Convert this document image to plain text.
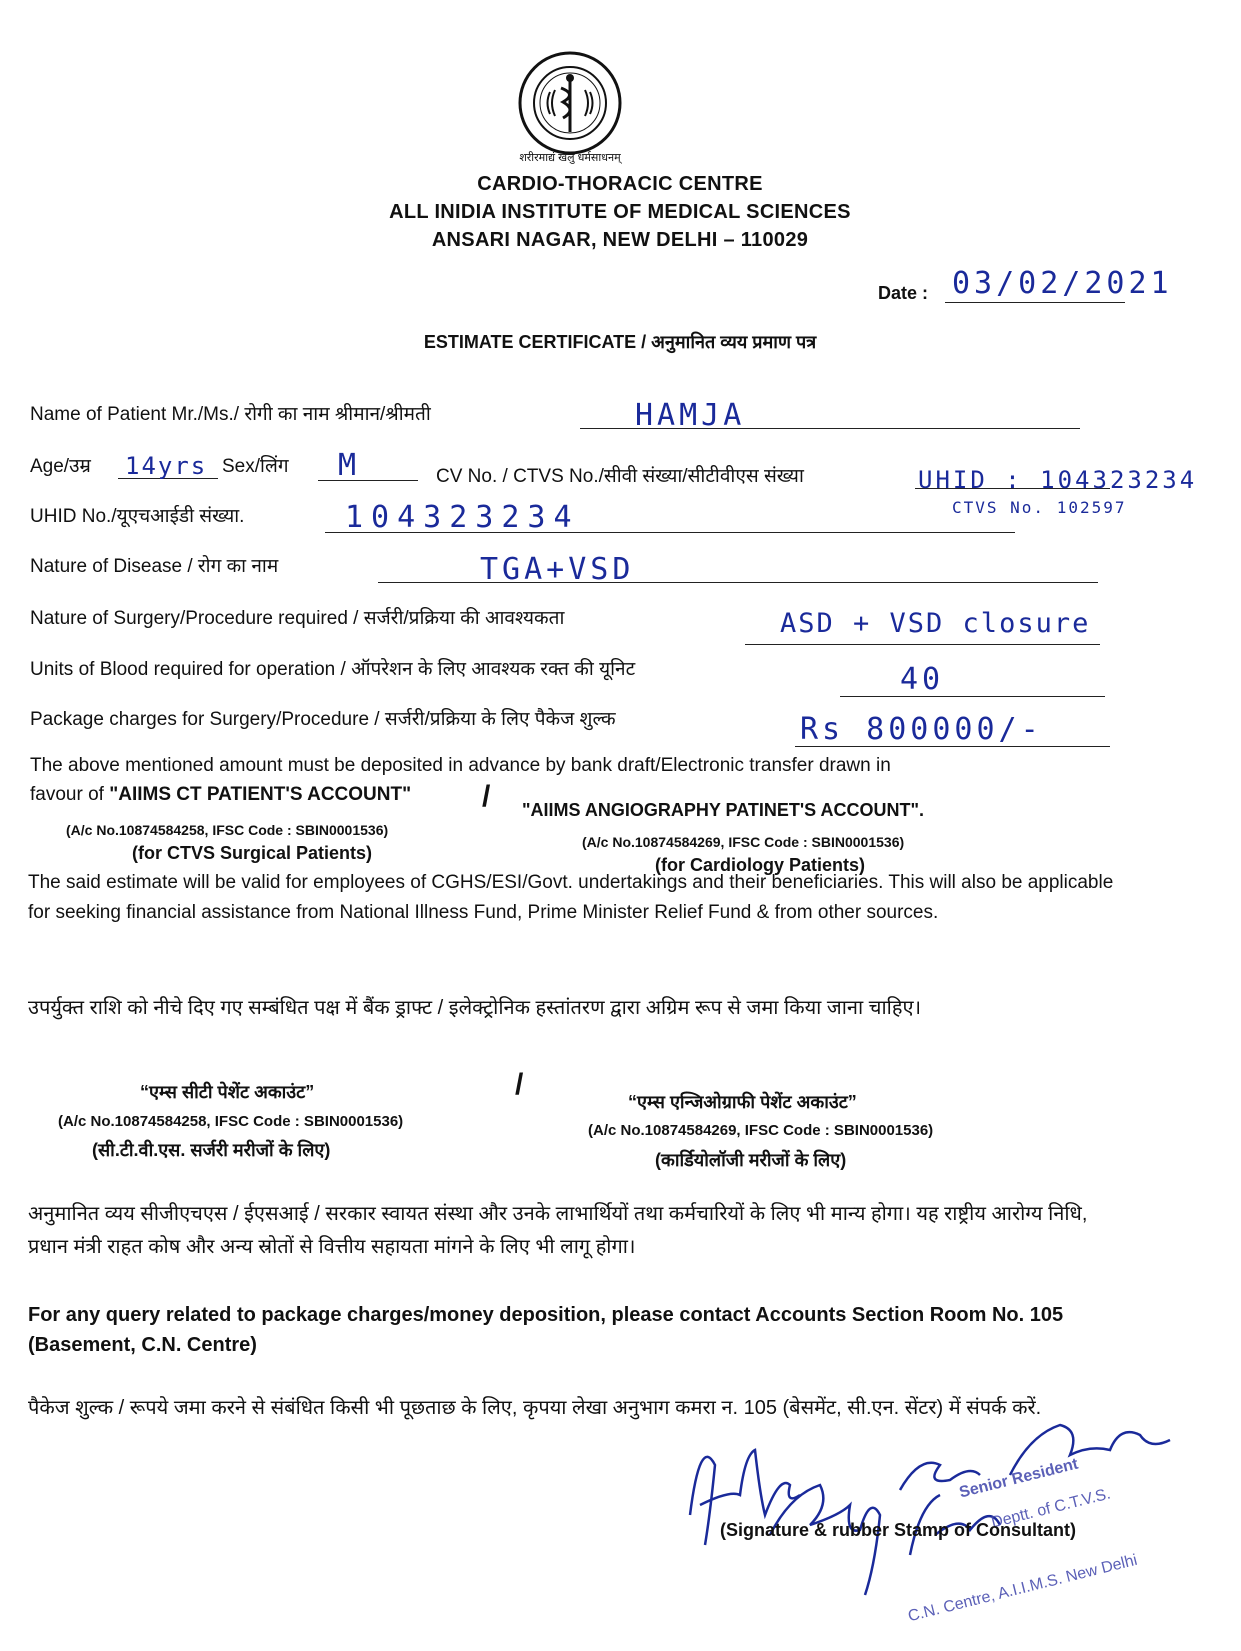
शरीरमाद्यं खलु धर्मसाधनम्
CARDIO-THORACIC CENTRE
ALL INIDIA INSTITUTE OF MEDICAL SCIENCES
ANSARI NAGAR, NEW DELHI – 110029
Date : 03/02/2021
ESTIMATE CERTIFICATE / अनुमानित व्यय प्रमाण पत्र
Name of Patient Mr./Ms./ रोगी का नाम श्रीमान/श्रीमती	HAMJA
Age/उम्र 14yrs Sex/लिंग M	CV No. / CTVS No./सीवी संख्या/सीटीवीएस संख्या	UHID : 104323234
CTVS No. 102597
UHID No./यूएचआईडी संख्या.	104323234
Nature of Disease / रोग का नाम	TGA+VSD
Nature of Surgery/Procedure required / सर्जरी/प्रक्रिया की आवश्यकता	ASD + VSD closure
Units of Blood required for operation / ऑपरेशन के लिए आवश्यक रक्त की यूनिट	40
Package charges for Surgery/Procedure / सर्जरी/प्रक्रिया के लिए पैकेज शुल्क	Rs 800000/-
The above mentioned amount must be deposited in advance by bank draft/Electronic transfer drawn in
favour of "AIIMS CT PATIENT'S ACCOUNT" / "AIIMS ANGIOGRAPHY PATINET'S ACCOUNT".
(A/c No.10874584258, IFSC Code : SBIN0001536)
(for CTVS Surgical Patients)
(A/c No.10874584269, IFSC Code : SBIN0001536)
(for Cardiology Patients)
The said estimate will be valid for employees of CGHS/ESI/Govt. undertakings and their beneficiaries. This will also be applicable for seeking financial assistance from National Illness Fund, Prime Minister Relief Fund & from other sources.
उपर्युक्त राशि को नीचे दिए गए सम्बंधित पक्ष में बैंक ड्राफ्ट / इलेक्ट्रोनिक हस्तांतरण द्वारा अग्रिम रूप से जमा किया जाना चाहिए।
“एम्स सीटी पेशेंट अकाउंट”	/
“एम्स एन्जिओग्राफी पेशेंट अकाउंट”
(A/c No.10874584258, IFSC Code : SBIN0001536)
(सी.टी.वी.एस. सर्जरी मरीजों के लिए)
(A/c No.10874584269, IFSC Code : SBIN0001536)
(कार्डियोलॉजी मरीजों के लिए)
अनुमानित व्यय सीजीएचएस / ईएसआई / सरकार स्वायत संस्था और उनके लाभार्थियों तथा कर्मचारियों के लिए भी मान्य होगा। यह राष्ट्रीय आरोग्य निधि, प्रधान मंत्री राहत कोष और अन्य स्रोतों से वित्तीय सहायता मांगने के लिए भी लागू होगा।
For any query related to package charges/money deposition, please contact Accounts Section Room No. 105 (Basement, C.N. Centre)
पैकेज शुल्क / रूपये जमा करने से संबंधित किसी भी पूछताछ के लिए, कृपया लेखा अनुभाग कमरा न. 105 (बेसमेंट, सी.एन. सेंटर) में संपर्क करें.
Senior Resident
Deptt. of C.T.V.S.
C.N. Centre, A.I.I.M.S. New Delhi
(Signature & rubber Stamp of Consultant)
